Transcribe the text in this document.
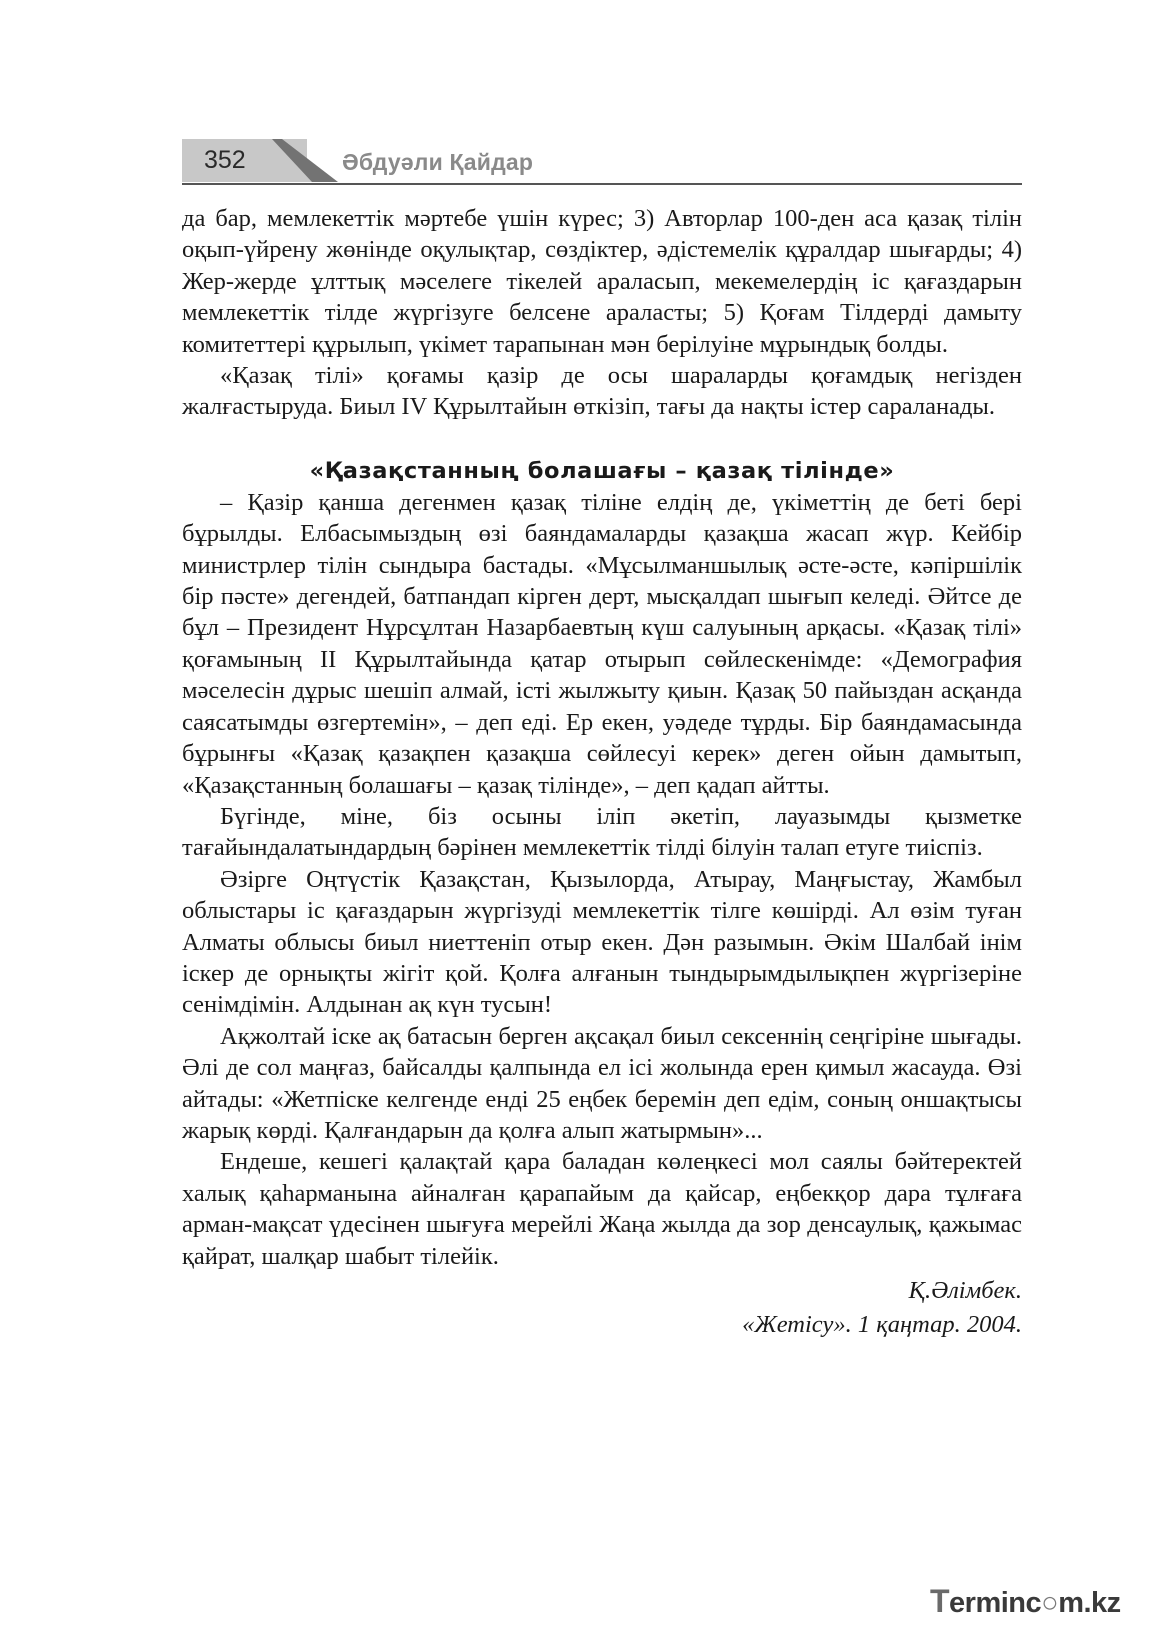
352	Әбдуәли Қайдар

да бар, мемлекеттік мәртебе үшін күрес; 3) Авторлар 100-ден аса қазақ тілін оқып-үйрену жөнінде оқулықтар, сөздіктер, әдістемелік құралдар шығарды; 4) Жер-жерде ұлттық мәселеге тікелей араласып, мекемелердің іс қағаздарын мемлекеттік тілде жүргізуге белсене араласты; 5) Қоғам Тілдерді дамыту комитеттері құрылып, үкімет тарапынан мән берілуіне мұрындық болды.

«Қазақ тілі» қоғамы қазір де осы шараларды қоғамдық негізден жалғастыруда. Биыл IV Құрылтайын өткізіп, тағы да нақты істер сараланады.

«Қазақстанның болашағы – қазақ тілінде»

– Қазір қанша дегенмен қазақ тіліне елдің де, үкіметтің де беті бері бұрылды. Елбасымыздың өзі баяндамаларды қазақша жасап жүр. Кейбір министрлер тілін сындыра бастады. «Мұсылманшылық әсте-әсте, кәпіршілік бір пәсте» дегендей, батпандап кірген дерт, мысқалдап шығып келеді. Әйтсе де бұл – Президент Нұрсұлтан Назарбаевтың күш салуының арқасы. «Қазақ тілі» қоғамының ІІ Құрылтайында қатар отырып сөйлескенімде: «Демография мәселесін дұрыс шешіп алмай, істі жылжыту қиын. Қазақ 50 пайыздан асқанда саясатымды өзгертемін», – деп еді. Ер екен, уәдеде тұрды. Бір баяндамасында бұрынғы «Қазақ қазақпен қазақша сөйлесуі керек» деген ойын дамытып, «Қазақстанның болашағы – қазақ тілінде», – деп қадап айтты.

Бүгінде, міне, біз осыны іліп әкетіп, лауазымды қызметке тағайындалатындардың бәрінен мемлекеттік тілді білуін талап етуге тиіспіз.

Әзірге Оңтүстік Қазақстан, Қызылорда, Атырау, Маңғыстау, Жамбыл облыстары іс қағаздарын жүргізуді мемлекеттік тілге көшірді. Ал өзім туған Алматы облысы биыл ниеттеніп отыр екен. Дән разымын. Әкім Шалбай інім іскер де орнықты жігіт қой. Қолға алғанын тындырымдылықпен жүргізеріне сенімдімін. Алдынан ақ күн тусын!

Ақжолтай іске ақ батасын берген ақсақал биыл сексеннің сеңгіріне шығады. Әлі де сол маңғаз, байсалды қалпында ел ісі жолында ерен қимыл жасауда. Өзі айтады: «Жетпіске келгенде енді 25 еңбек беремін деп едім, соның оншақтысы жарық көрді. Қалғандарын да қолға алып жатырмын»...

Ендеше, кешегі қалақтай қара баладан көлеңкесі мол саялы бәйтеректей халық қаһарманына айналған қарапайым да қайсар, еңбекқор дара тұлғаға арман-мақсат үдесінен шығуға мерейлі Жаңа жылда да зор денсаулық, қажымас қайрат, шалқар шабыт тілейік.

Қ.Әлімбек.

«Жетісу». 1 қаңтар. 2004.

Terminc○m.kz
